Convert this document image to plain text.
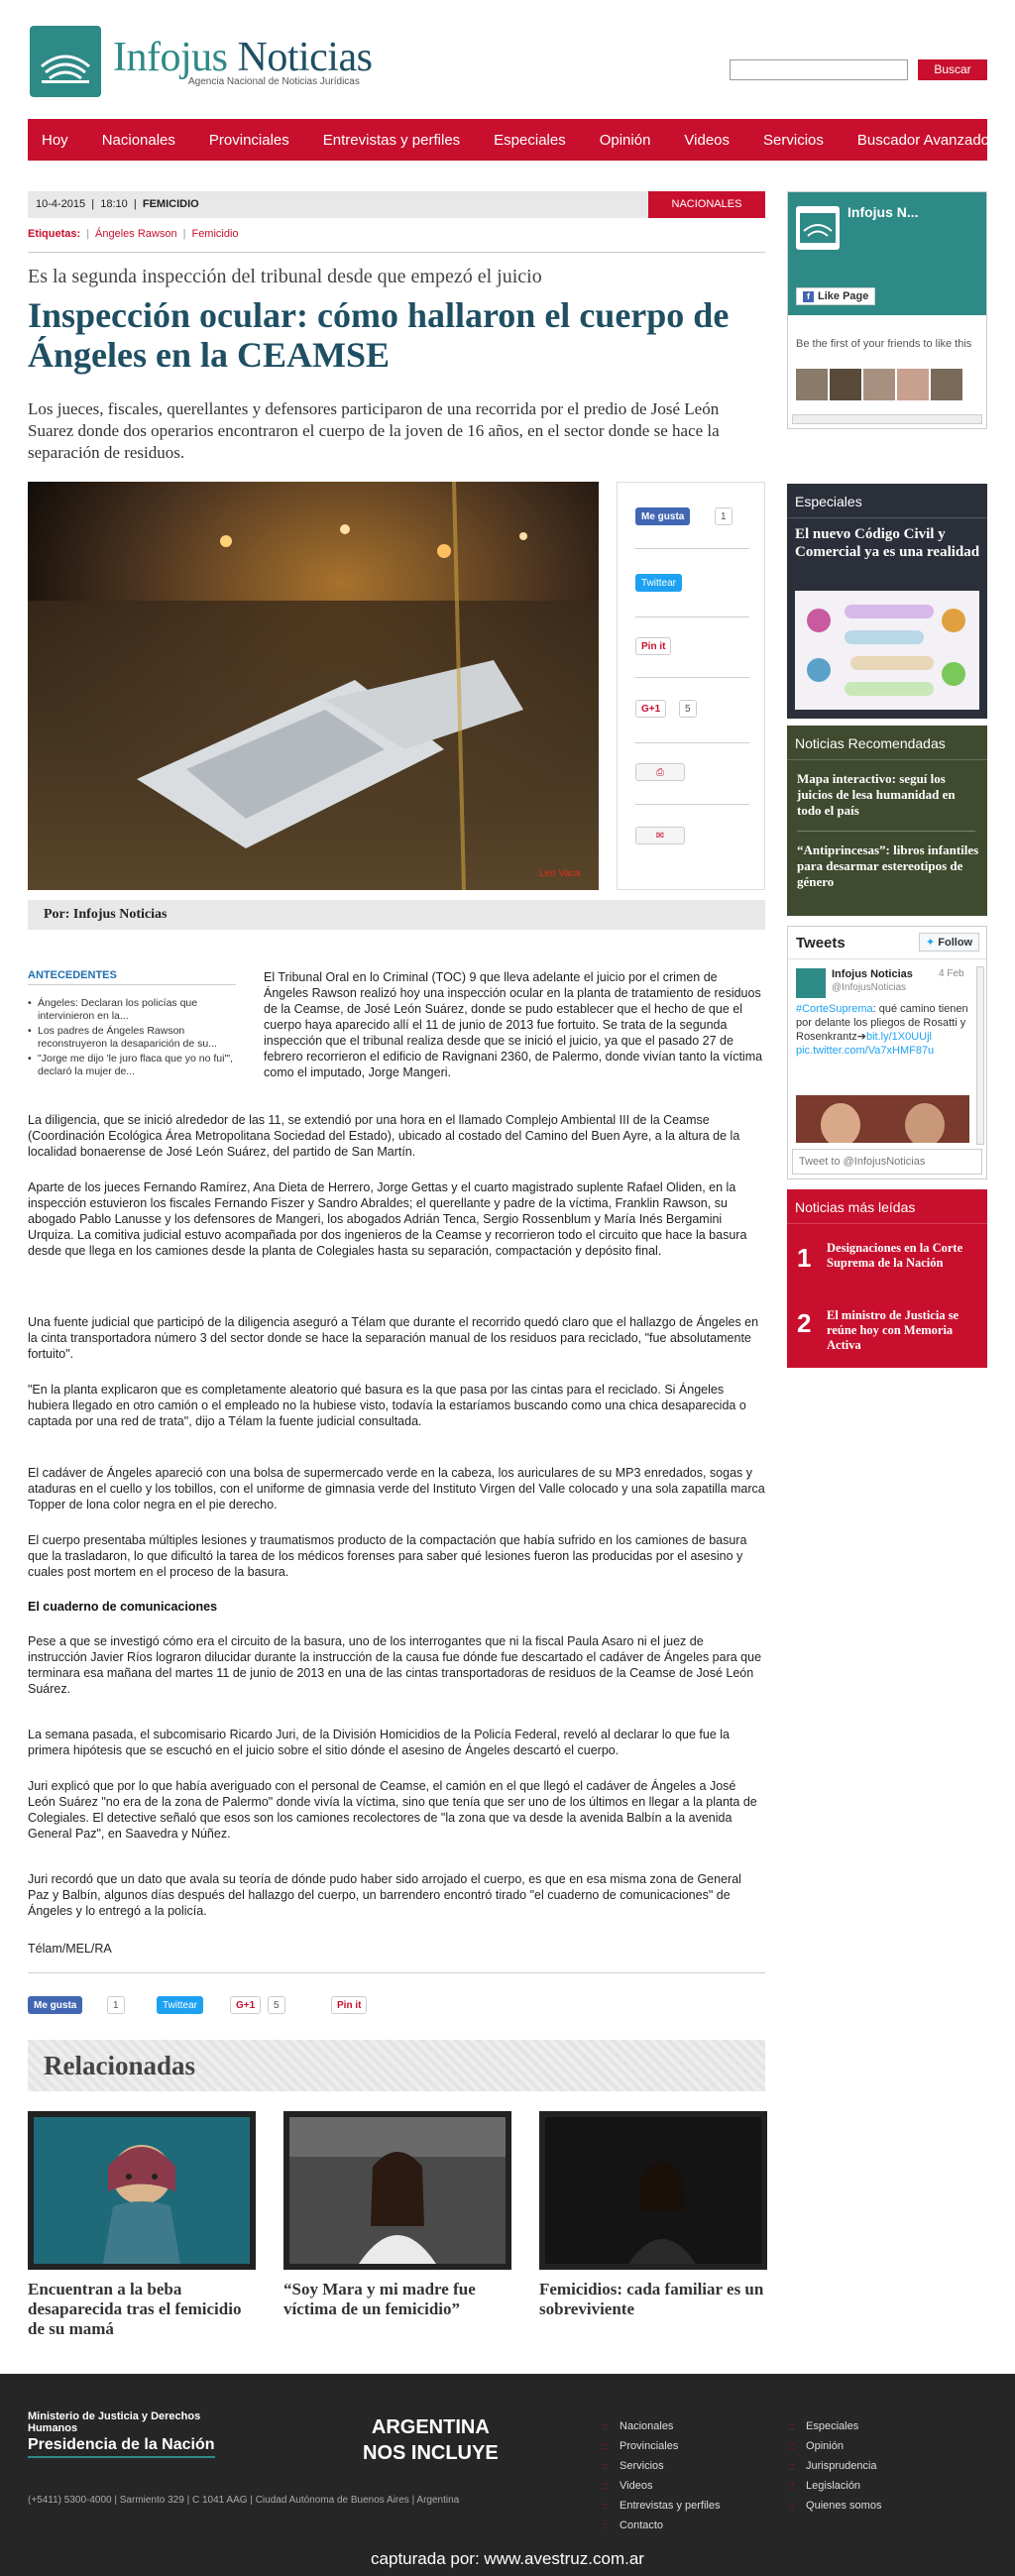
Infojus Noticias
Agencia Nacional de Noticias Jurídicas
Buscar
Hoy Nacionales Provinciales Entrevistas y perfiles Especiales Opinión Videos Servicios Buscador Avanzado
10-4-2015  |  18:10  |  FEMICIDIO	NACIONALES
Etiquetas: | Ángeles Rawson | Femicidio
Es la segunda inspección del tribunal desde que empezó el juicio
Inspección ocular: cómo hallaron el cuerpo de Ángeles en la CEAMSE

Los jueces, fiscales, querellantes y defensores participaron de una recorrida por el predio de José León Suarez donde dos operarios encontraron el cuerpo de la joven de 16 años, en el sector donde se hace la separación de residuos.

Leo Vaca
Me gusta	1
Twittear
Pin it
G+1	5
⎙
✉
Por: Infojus Noticias
ANTECEDENTES
• Ángeles: Declaran los policías que intervinieron en la...
• Los padres de Ángeles Rawson reconstruyeron la desaparición de su...
• "Jorge me dijo 'le juro flaca que yo no fui'", declaró la mujer de...

El Tribunal Oral en lo Criminal (TOC) 9 que lleva adelante el juicio por el crimen de Ángeles Rawson realizó hoy una inspección ocular en la planta de tratamiento de residuos de la Ceamse, de José León Suárez, donde se pudo establecer que el hecho de que el cuerpo haya aparecido allí el 11 de junio de 2013 fue fortuito. Se trata de la segunda inspección que el tribunal realiza desde que se inició el juicio, ya que el pasado 27 de febrero recorrieron el edificio de Ravignani 2360, de Palermo, donde vivían tanto la víctima como el imputado, Jorge Mangeri.

La diligencia, que se inició alrededor de las 11, se extendió por una hora en el llamado Complejo Ambiental III de la Ceamse (Coordinación Ecológica Área Metropolitana Sociedad del Estado), ubicado al costado del Camino del Buen Ayre, a la altura de la localidad bonaerense de José León Suárez, del partido de San Martín.

Aparte de los jueces Fernando Ramírez, Ana Dieta de Herrero, Jorge Gettas y el cuarto magistrado suplente Rafael Oliden, en la inspección estuvieron los fiscales Fernando Fiszer y Sandro Abraldes; el querellante y padre de la víctima, Franklin Rawson, su abogado Pablo Lanusse y los defensores de Mangeri, los abogados Adrián Tenca, Sergio Rossenblum y María Inés Bergamini Urquiza. La comitiva judicial estuvo acompañada por dos ingenieros de la Ceamse y recorrieron todo el circuito que hace la basura desde que llega en los camiones desde la planta de Colegiales hasta su separación, compactación y depósito final.

Una fuente judicial que participó de la diligencia aseguró a Télam que durante el recorrido quedó claro que el hallazgo de Ángeles en la cinta transportadora número 3 del sector donde se hace la separación manual de los residuos para reciclado, "fue absolutamente fortuito".

"En la planta explicaron que es completamente aleatorio qué basura es la que pasa por las cintas para el reciclado. Si Ángeles hubiera llegado en otro camión o el empleado no la hubiese visto, todavía la estaríamos buscando como una chica desaparecida o captada por una red de trata", dijo a Télam la fuente judicial consultada.

El cadáver de Ángeles apareció con una bolsa de supermercado verde en la cabeza, los auriculares de su MP3 enredados, sogas y ataduras en el cuello y los tobillos, con el uniforme de gimnasia verde del Instituto Virgen del Valle colocado y una sola zapatilla marca Topper de lona color negra en el pie derecho.

El cuerpo presentaba múltiples lesiones y traumatismos producto de la compactación que había sufrido en los camiones de basura que la trasladaron, lo que dificultó la tarea de los médicos forenses para saber qué lesiones fueron las producidas por el asesino y cuales post mortem en el proceso de la basura.

El cuaderno de comunicaciones

Pese a que se investigó cómo era el circuito de la basura, uno de los interrogantes que ni la fiscal Paula Asaro ni el juez de instrucción Javier Ríos lograron dilucidar durante la instrucción de la causa fue dónde fue descartado el cadáver de Ángeles para que terminara esa mañana del martes 11 de junio de 2013 en una de las cintas transportadoras de residuos de la Ceamse de José León Suárez.

La semana pasada, el subcomisario Ricardo Juri, de la División Homicidios de la Policía Federal, reveló al declarar lo que fue la primera hipótesis que se escuchó en el juicio sobre el sitio dónde el asesino de Ángeles descartó el cuerpo.

Juri explicó que por lo que había averiguado con el personal de Ceamse, el camión en el que llegó el cadáver de Ángeles a José León Suárez "no era de la zona de Palermo" donde vivía la víctima, sino que tenía que ser uno de los últimos en llegar a la planta de Colegiales. El detective señaló que esos son los camiones recolectores de "la zona que va desde la avenida Balbín a la avenida General Paz", en Saavedra y Núñez.

Juri recordó que un dato que avala su teoría de dónde pudo haber sido arrojado el cuerpo, es que en esa misma zona de General Paz y Balbín, algunos días después del hallazgo del cuerpo, un barrendero encontró tirado "el cuaderno de comunicaciones" de Ángeles y lo entregó a la policía.

Télam/MEL/RA

Me gusta	1	Twittear	G+1	5	Pin it
Relacionadas
Encuentran a la beba desaparecida tras el femicidio de su mamá
“Soy Mara y mi madre fue víctima de un femicidio”
Femicidios: cada familiar es un sobreviviente
Infojus N...
f Like Page
Be the first of your friends to like this
Especiales
El nuevo Código Civil y Comercial ya es una realidad
Noticias Recomendadas
Mapa interactivo: seguí los juicios de lesa humanidad en todo el país
“Antiprincesas”: libros infantiles para desarmar estereotipos de género
Tweets	✦ Follow
Infojus Noticias
@InfojusNoticias
4 Feb
#CorteSuprema: qué camino tienen por delante los pliegos de Rosatti y Rosenkrantz➔bit.ly/1X0UUjl
pic.twitter.com/Va7xHMF87u
Tweet to @InfojusNoticias
Noticias más leídas
1 Designaciones en la Corte Suprema de la Nación
2 El ministro de Justicia se reúne hoy con Memoria Activa
Ministerio de Justicia y Derechos Humanos
Presidencia de la Nación
(+5411) 5300-4000 | Sarmiento 329 | C 1041 AAG | Ciudad Autónoma de Buenos Aires | Argentina
ARGENTINA
NOS INCLUYE
:: Nacionales
:: Provinciales
:: Servicios
:: Videos
:: Entrevistas y perfiles
:: Contacto
:: Especiales
:: Opinión
:: Jurisprudencia
:: Legislación
:: Quienes somos
capturada por: www.avestruz.com.ar
